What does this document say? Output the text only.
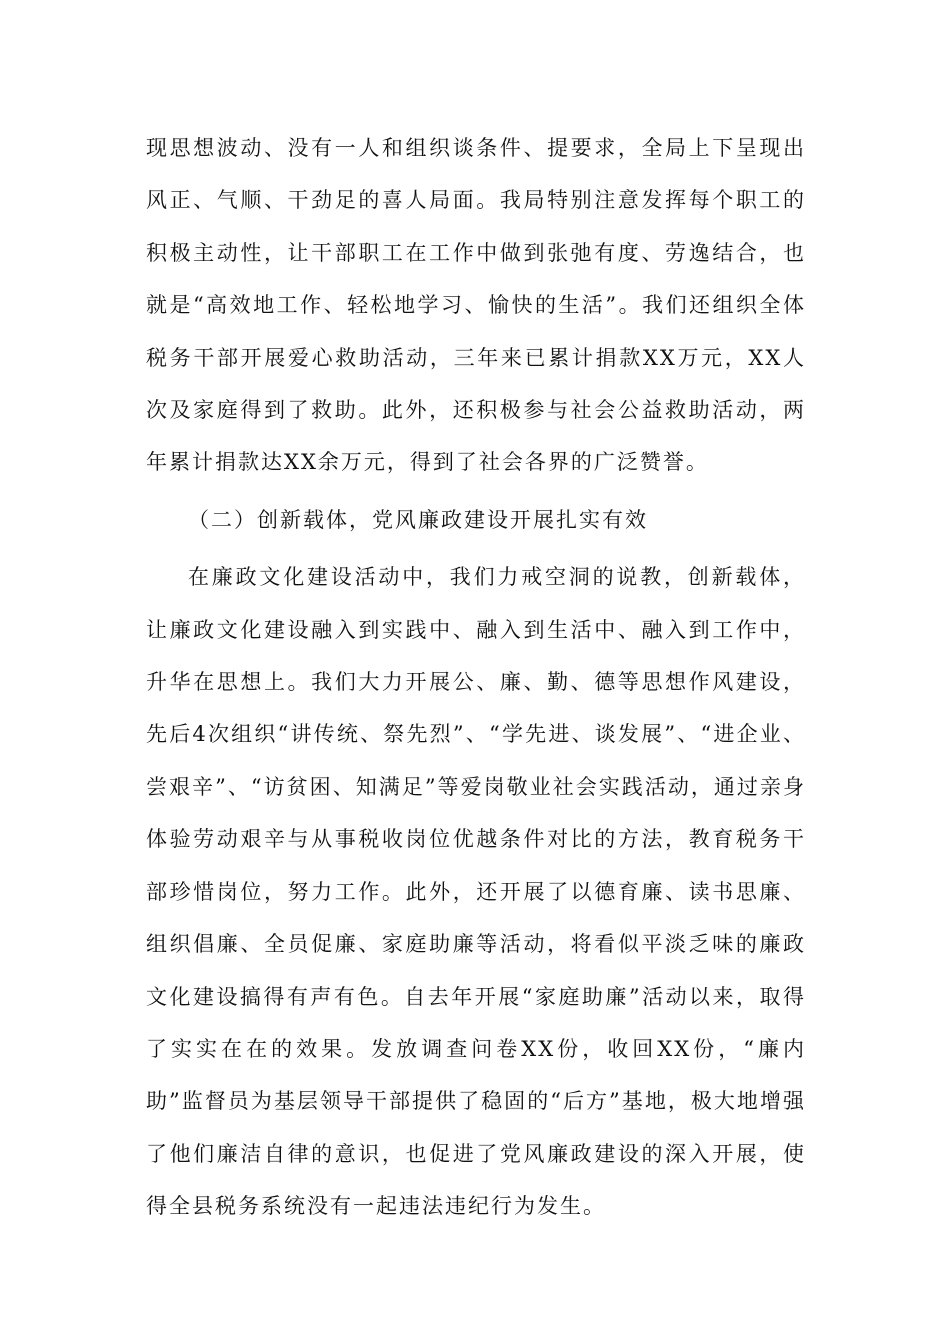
现思想波动、没有一人和组织谈条件、提要求，全局上下呈现出风正、气顺、干劲足的喜人局面。我局特别注意发挥每个职工的积极主动性，让干部职工在工作中做到张弛有度、劳逸结合，也就是“高效地工作、轻松地学习、愉快的生活”。我们还组织全体税务干部开展爱心救助活动，三年来已累计捐款XX万元，XX人次及家庭得到了救助。此外，还积极参与社会公益救助活动，两年累计捐款达XX余万元，得到了社会各界的广泛赞誉。

（二）创新载体，党风廉政建设开展扎实有效

在廉政文化建设活动中，我们力戒空洞的说教，创新载体，让廉政文化建设融入到实践中、融入到生活中、融入到工作中，升华在思想上。我们大力开展公、廉、勤、德等思想作风建设，先后4次组织“讲传统、祭先烈”、“学先进、谈发展”、“进企业、尝艰辛”、“访贫困、知满足”等爱岗敬业社会实践活动，通过亲身体验劳动艰辛与从事税收岗位优越条件对比的方法，教育税务干部珍惜岗位，努力工作。此外，还开展了以德育廉、读书思廉、组织倡廉、全员促廉、家庭助廉等活动，将看似平淡乏味的廉政文化建设搞得有声有色。自去年开展“家庭助廉”活动以来，取得了实实在在的效果。发放调查问卷XX份，收回XX份，“廉内助”监督员为基层领导干部提供了稳固的“后方”基地，极大地增强了他们廉洁自律的意识，也促进了党风廉政建设的深入开展，使得全县税务系统没有一起违法违纪行为发生。
